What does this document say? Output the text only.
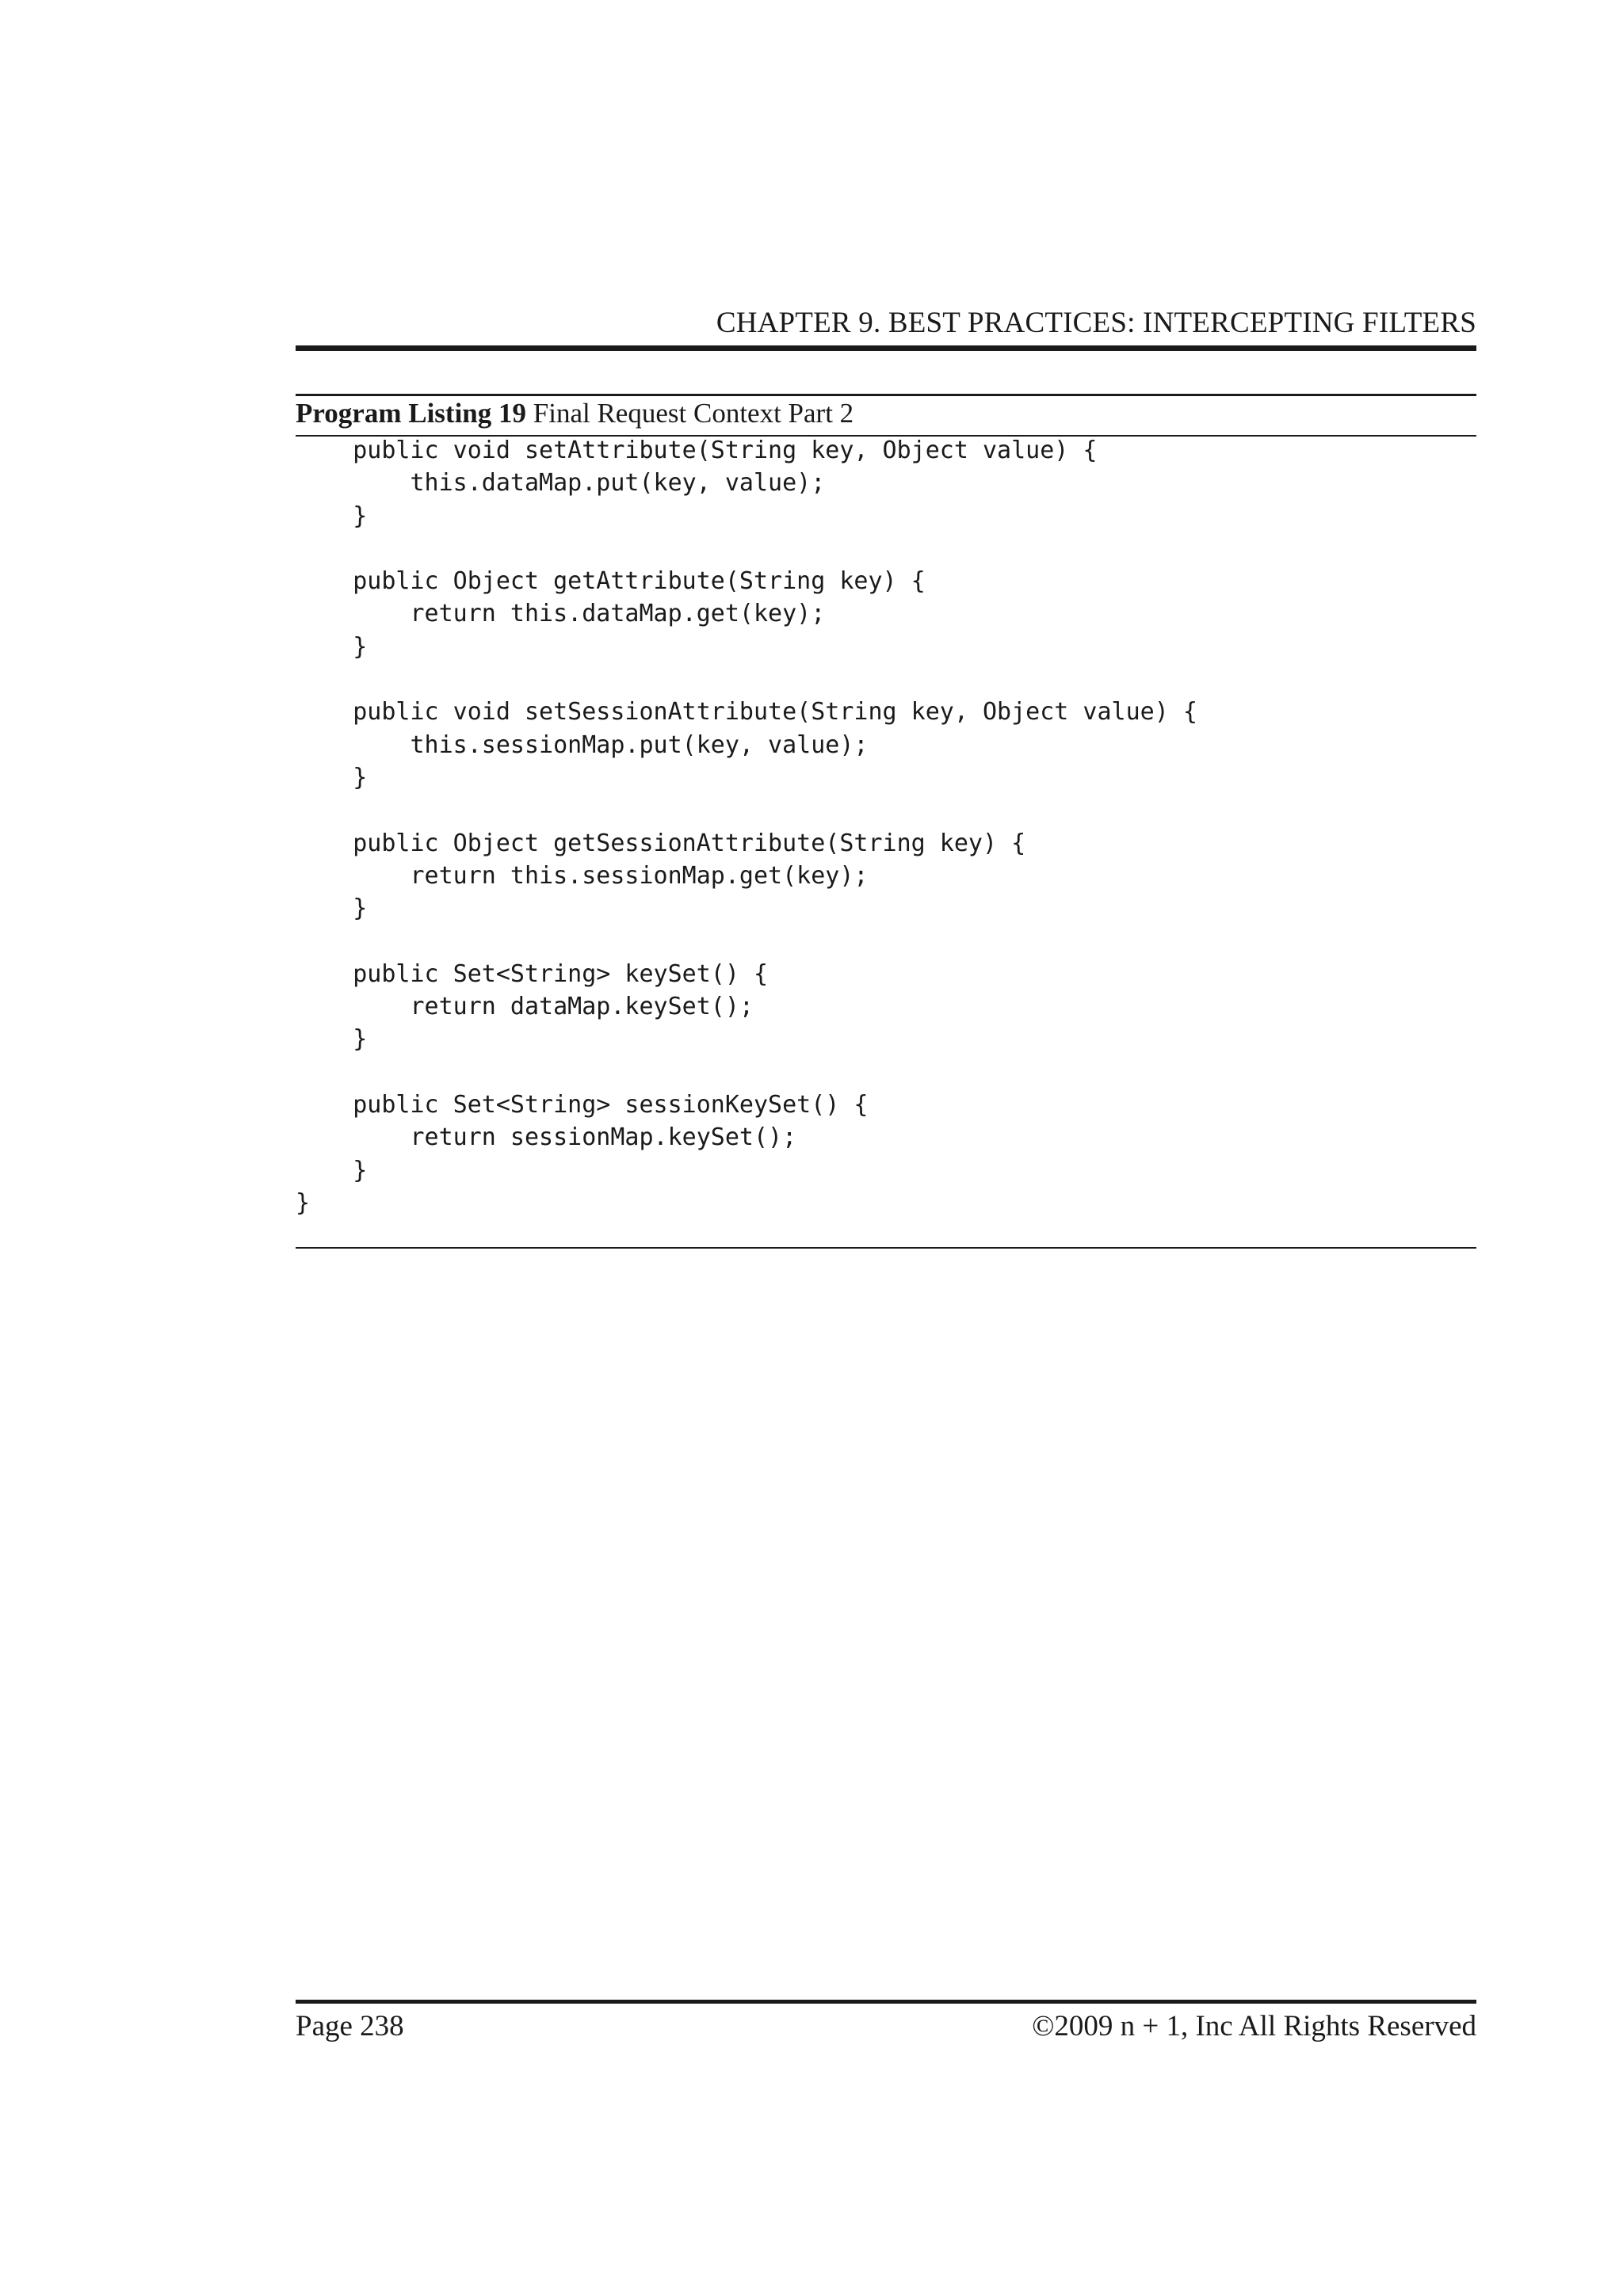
CHAPTER 9. BEST PRACTICES: INTERCEPTING FILTERS
Program Listing 19 Final Request Context Part 2
public void setAttribute(String key, Object value) {
this.dataMap.put(key, value);
}
public Object getAttribute(String key) {
return this.dataMap.get(key);
}
public void setSessionAttribute(String key, Object value) {
this.sessionMap.put(key, value);
}
public Object getSessionAttribute(String key) {
return this.sessionMap.get(key);
}
public Set<String> keySet() {
return dataMap.keySet();
}
public Set<String> sessionKeySet() {
return sessionMap.keySet();
}
}
Page 238	©2009 n + 1, Inc All Rights Reserved
